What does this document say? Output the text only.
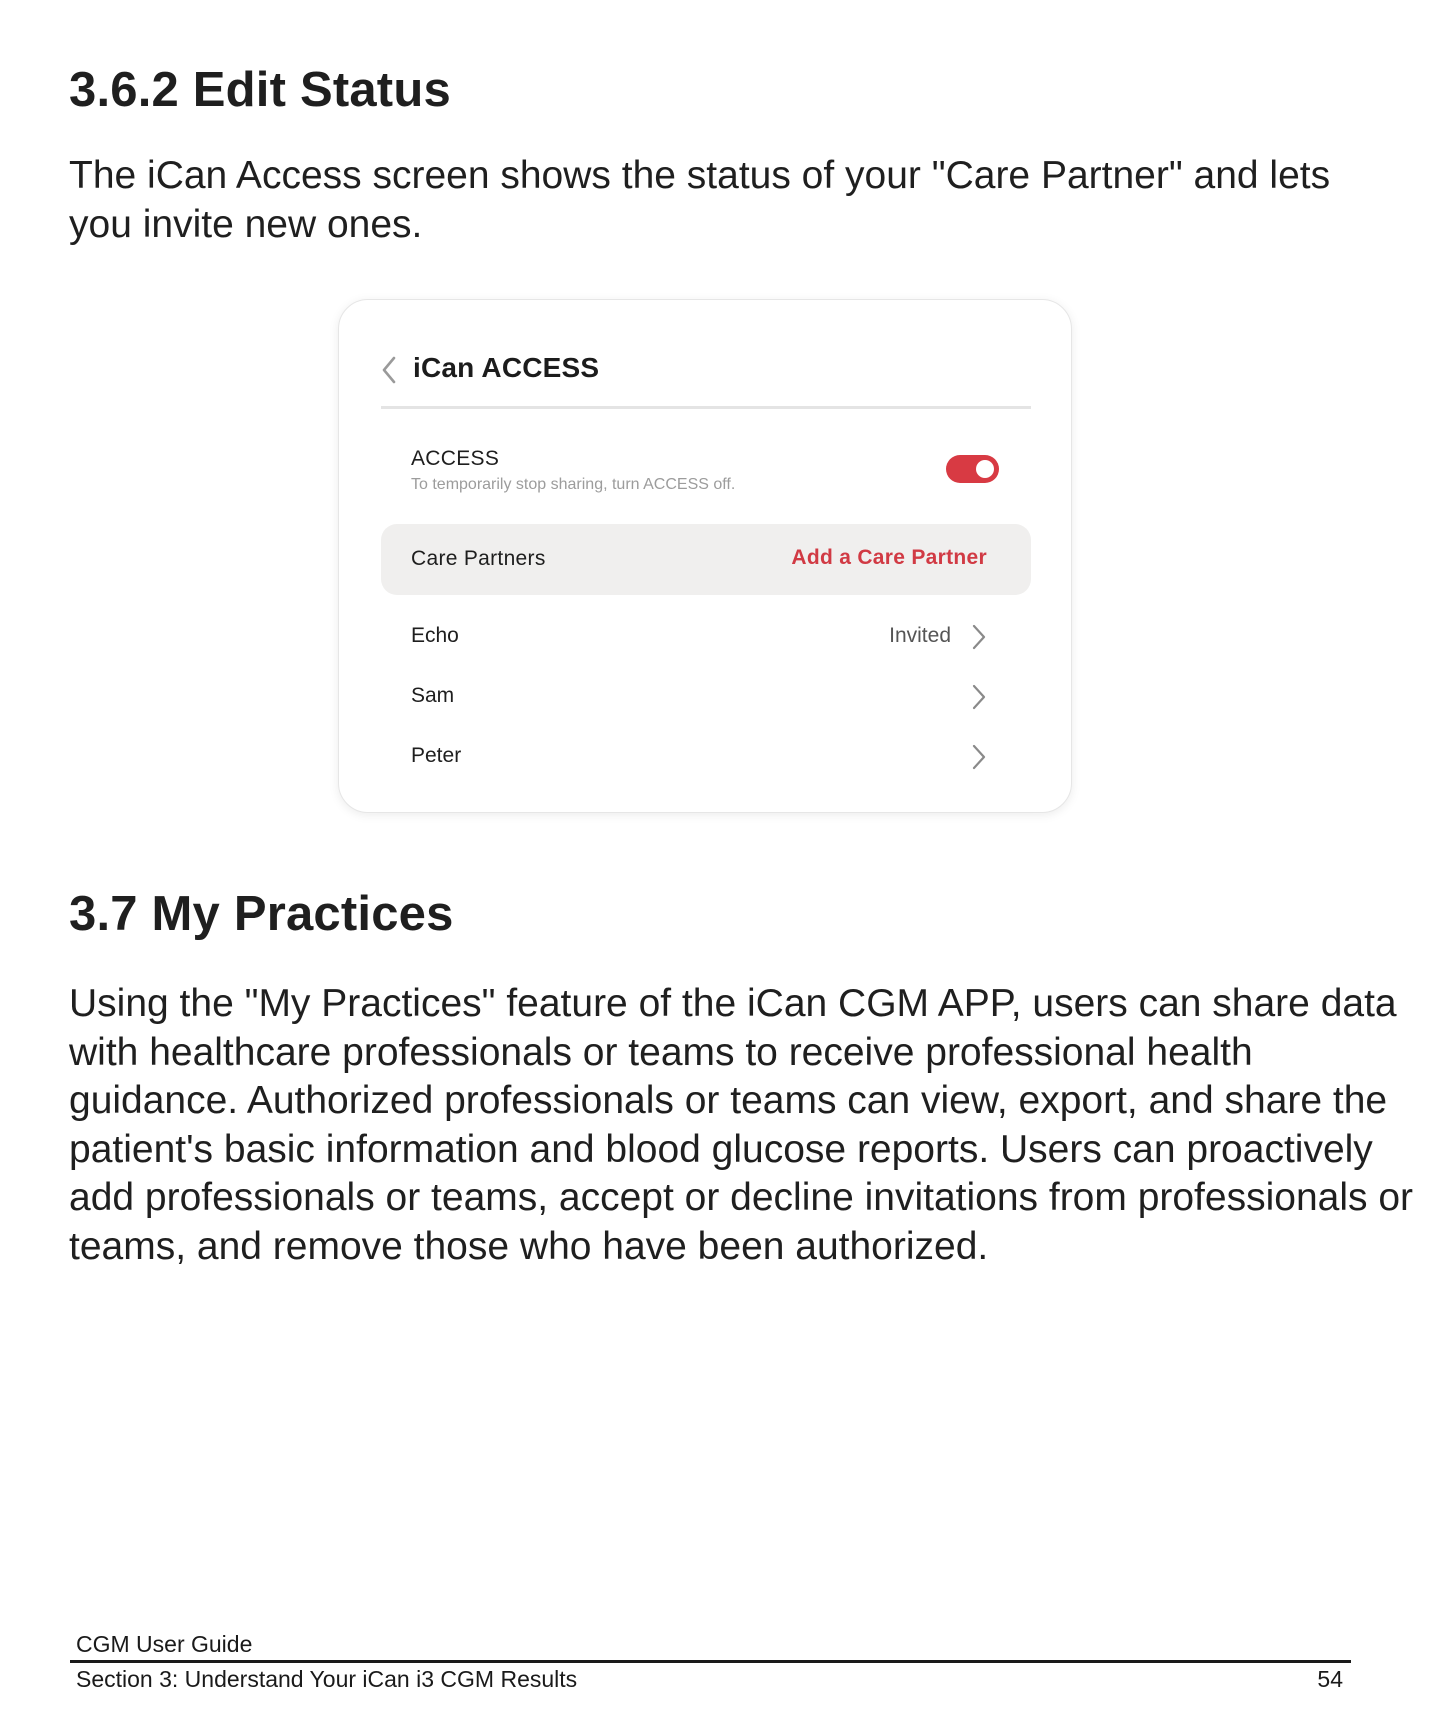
3.6.2 Edit Status

The iCan Access screen shows the status of your "Care Partner" and lets you invite new ones.

iCan ACCESS
ACCESS
To temporarily stop sharing, turn ACCESS off.
Care Partners	Add a Care Partner
Echo	Invited
Sam
Peter
3.7 My Practices

Using the "My Practices" feature of the iCan CGM APP, users can share data with healthcare professionals or teams to receive professional health guidance. Authorized professionals or teams can view, export, and share the patient's basic information and blood glucose reports. Users can proactively add professionals or teams, accept or decline invitations from professionals or teams, and remove those who have been authorized.

CGM User Guide
Section 3: Understand Your iCan i3 CGM Results	54
